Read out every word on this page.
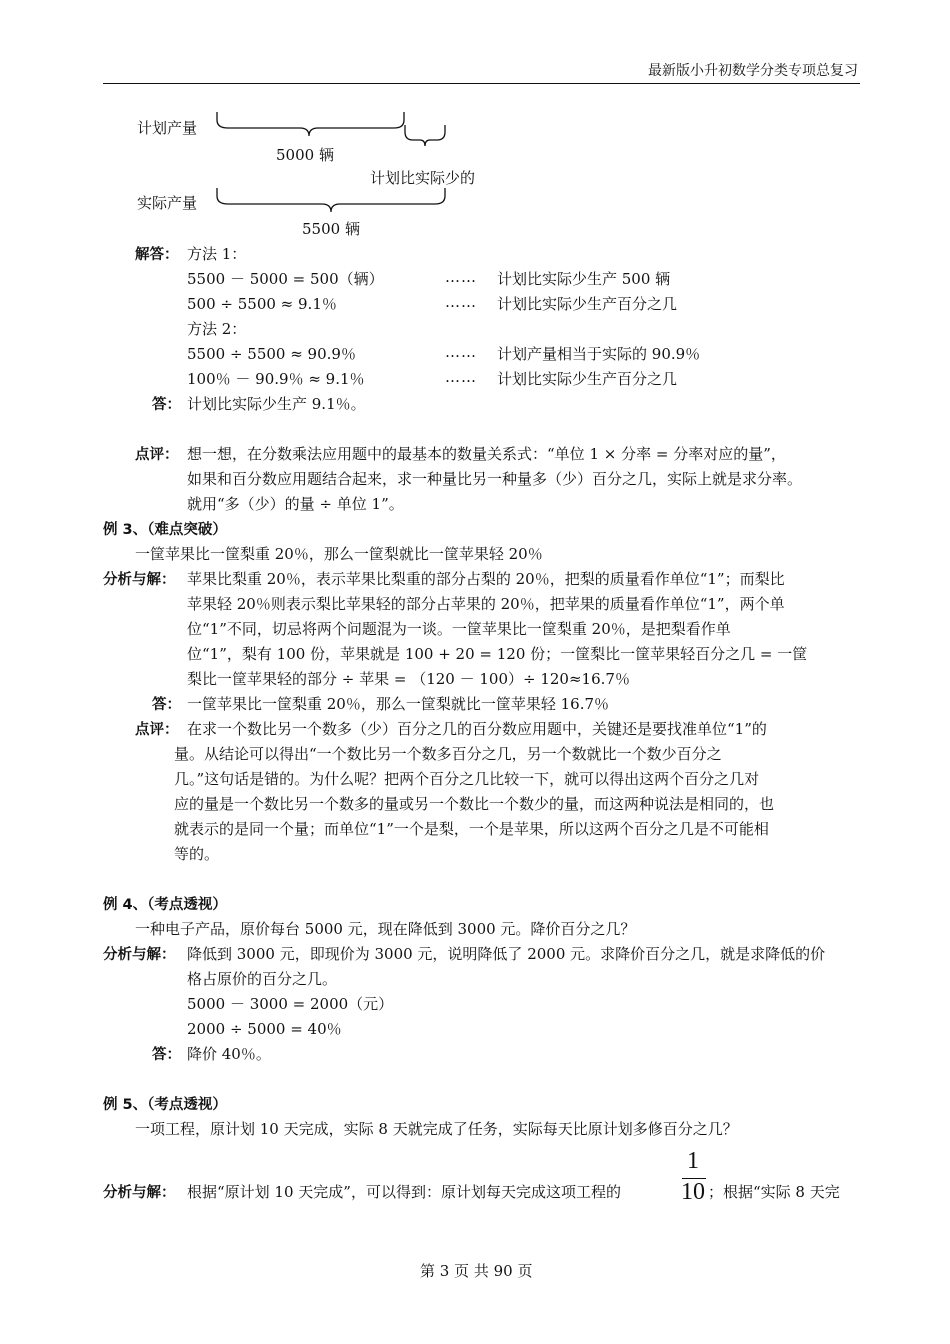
最新版小升初数学分类专项总复习
计划产量
5000 辆
计划比实际少的
实际产量
5500 辆
解答： 方法 1：
5500 － 5000 = 500（辆）	…… 计划比实际少生产 500 辆
500 ÷ 5500 ≈ 9.1％	…… 计划比实际少生产百分之几
方法 2：
5500 ÷ 5500 ≈ 90.9％	…… 计划产量相当于实际的 90.9％
100％ － 90.9％ ≈ 9.1％	…… 计划比实际少生产百分之几
答： 计划比实际少生产 9.1％。
点评： 想一想，在分数乘法应用题中的最基本的数量关系式：“单位 1 × 分率 = 分率对应的量”，
如果和百分数应用题结合起来，求一种量比另一种量多（少）百分之几，实际上就是求分率。
就用“多（少）的量 ÷ 单位 1”。
例 3、（难点突破）
一筐苹果比一筐梨重 20％，那么一筐梨就比一筐苹果轻 20％
分析与解： 苹果比梨重 20％，表示苹果比梨重的部分占梨的 20％，把梨的质量看作单位“1”；而梨比
苹果轻 20％则表示梨比苹果轻的部分占苹果的 20％，把苹果的质量看作单位“1”，两个单
位“1”不同，切忌将两个问题混为一谈。一筐苹果比一筐梨重 20％，是把梨看作单
位“1”，梨有 100 份，苹果就是 100 + 20 = 120 份；一筐梨比一筐苹果轻百分之几 = 一筐
梨比一筐苹果轻的部分 ÷ 苹果 = （120 － 100）÷ 120≈16.7％
答： 一筐苹果比一筐梨重 20％，那么一筐梨就比一筐苹果轻 16.7％
点评： 在求一个数比另一个数多（少）百分之几的百分数应用题中，关键还是要找准单位“1”的
量。从结论可以得出“一个数比另一个数多百分之几，另一个数就比一个数少百分之
几。”这句话是错的。为什么呢？把两个百分之几比较一下，就可以得出这两个百分之几对
应的量是一个数比另一个数多的量或另一个数比一个数少的量，而这两种说法是相同的，也
就表示的是同一个量；而单位“1”一个是梨，一个是苹果，所以这两个百分之几是不可能相
等的。
例 4、（考点透视）
一种电子产品，原价每台 5000 元，现在降低到 3000 元。降价百分之几？
分析与解： 降低到 3000 元，即现价为 3000 元，说明降低了 2000 元。求降价百分之几，就是求降低的价
格占原价的百分之几。
5000 － 3000 = 2000（元）
2000 ÷ 5000 = 40％
答： 降价 40％。
例 5、（考点透视）
一项工程，原计划 10 天完成，实际 8 天就完成了任务，实际每天比原计划多修百分之几？
分析与解： 根据“原计划 10 天完成”，可以得到：原计划每天完成这项工程的
1
10 ；根据“实际 8 天完
第 3 页 共 90 页
